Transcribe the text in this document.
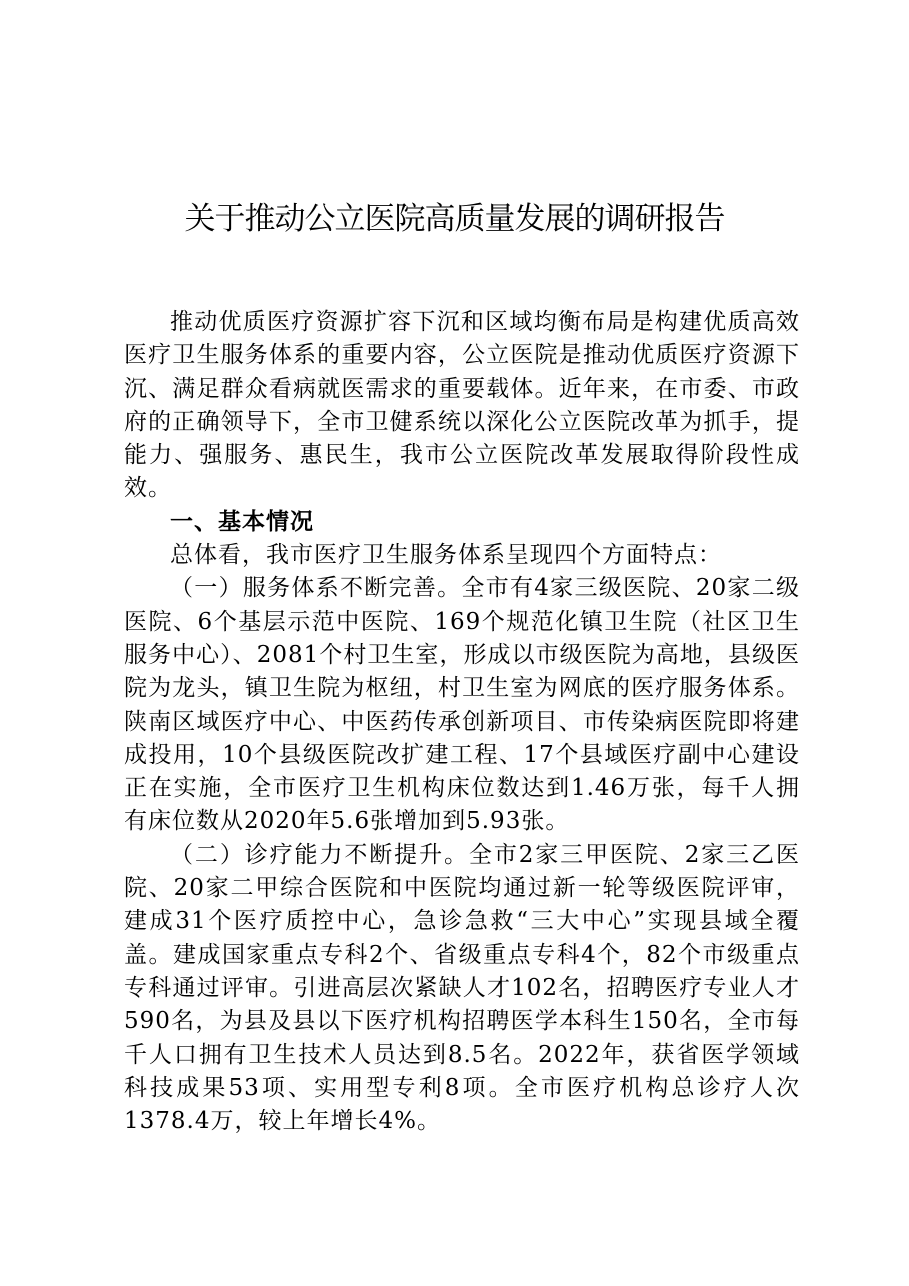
关于推动公立医院高质量发展的调研报告

推动优质医疗资源扩容下沉和区域均衡布局是构建优质高效医疗卫生服务体系的重要内容，公立医院是推动优质医疗资源下沉、满足群众看病就医需求的重要载体。近年来，在市委、市政府的正确领导下，全市卫健系统以深化公立医院改革为抓手，提能力、强服务、惠民生，我市公立医院改革发展取得阶段性成效。

一、基本情况

总体看，我市医疗卫生服务体系呈现四个方面特点：

（一）服务体系不断完善。全市有4家三级医院、20家二级医院、6个基层示范中医院、169个规范化镇卫生院（社区卫生服务中心）、2081个村卫生室，形成以市级医院为高地，县级医院为龙头，镇卫生院为枢纽，村卫生室为网底的医疗服务体系。陕南区域医疗中心、中医药传承创新项目、市传染病医院即将建成投用，10个县级医院改扩建工程、17个县域医疗副中心建设正在实施，全市医疗卫生机构床位数达到1.46万张，每千人拥有床位数从2020年5.6张增加到5.93张。

（二）诊疗能力不断提升。全市2家三甲医院、2家三乙医院、20家二甲综合医院和中医院均通过新一轮等级医院评审，建成31个医疗质控中心，急诊急救“三大中心”实现县域全覆盖。建成国家重点专科2个、省级重点专科4个，82个市级重点专科通过评审。引进高层次紧缺人才102名，招聘医疗专业人才590名，为县及县以下医疗机构招聘医学本科生150名，全市每千人口拥有卫生技术人员达到8.5名。2022年，获省医学领域科技成果53项、实用型专利8项。全市医疗机构总诊疗人次1378.4万，较上年增长4%。
